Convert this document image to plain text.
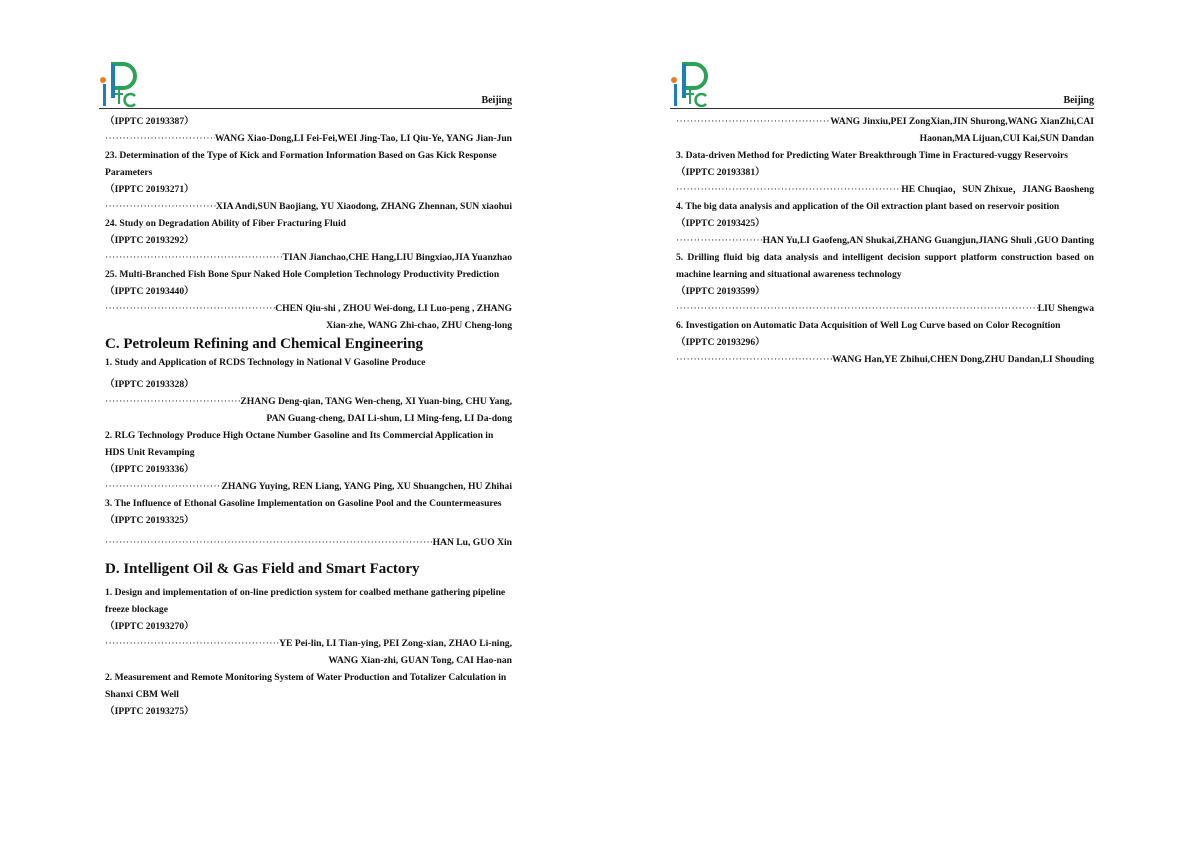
Beijing

（IPPTC 20193387）

·····
WANG Xiao-Dong,LI Fei-Fei,WEI Jing-Tao, LI Qiu-Ye, YANG Jian-Jun

23. Determination of the Type of Kick and Formation Information Based on Gas Kick Response Parameters

（IPPTC 20193271）

·····
XIA Andi,SUN Baojiang, YU Xiaodong, ZHANG Zhennan, SUN xiaohui

24. Study on Degradation Ability of Fiber Fracturing Fluid

（IPPTC 20193292）

·····
TIAN Jianchao,CHE Hang,LIU Bingxiao,JIA Yuanzhao

25. Multi-Branched Fish Bone Spur Naked Hole Completion Technology Productivity Prediction

（IPPTC 20193440）

·····
CHEN Qiu-shi , ZHOU Wei-dong, LI Luo-peng , ZHANG

Xian-zhe, WANG Zhi-chao, ZHU Cheng-long

C. Petroleum Refining and Chemical Engineering

1. Study and Application of RCDS Technology in National V Gasoline Produce

（IPPTC 20193328）

·····
ZHANG Deng-qian, TANG Wen-cheng, XI Yuan-bing, CHU Yang,

PAN Guang-cheng, DAI Li-shun, LI Ming-feng, LI Da-dong

2. RLG Technology Produce High Octane Number Gasoline and Its Commercial Application in HDS Unit Revamping

（IPPTC 20193336）

·····
ZHANG Yuying, REN Liang, YANG Ping, XU Shuangchen, HU Zhihai

3. The Influence of Ethonal Gasoline Implementation on Gasoline Pool and the Countermeasures

（IPPTC 20193325）

·····
HAN Lu, GUO Xin

D. Intelligent Oil & Gas Field and Smart Factory

1. Design and implementation of on-line prediction system for coalbed methane gathering pipeline freeze blockage

（IPPTC 20193270）

·····
YE Pei-lin, LI Tian-ying, PEI Zong-xian, ZHAO Li-ning,

WANG Xian-zhi, GUAN Tong, CAI Hao-nan

2. Measurement and Remote Monitoring System of Water Production and Totalizer Calculation in Shanxi CBM Well

（IPPTC 20193275）

Beijing

·····
WANG Jinxiu,PEI ZongXian,JIN Shurong,WANG XianZhi,CAI

Haonan,MA Lijuan,CUI Kai,SUN Dandan

3. Data-driven Method for Predicting Water Breakthrough Time in Fractured-vuggy Reservoirs

（IPPTC 20193381）

·····
HE Chuqiao，SUN Zhixue，JIANG Baosheng

4. The big data analysis and application of the Oil extraction plant based on reservoir position

（IPPTC 20193425）

·····
HAN Yu,LI Gaofeng,AN Shukai,ZHANG Guangjun,JIANG Shuli ,GUO Danting

5. Drilling fluid big data analysis and intelligent decision support platform construction based on machine learning and situational awareness technology

（IPPTC 20193599）

·····
LIU Shengwa

6. Investigation on Automatic Data Acquisition of Well Log Curve based on Color Recognition

（IPPTC 20193296）

·····
WANG Han,YE Zhihui,CHEN Dong,ZHU Dandan,LI Shouding
